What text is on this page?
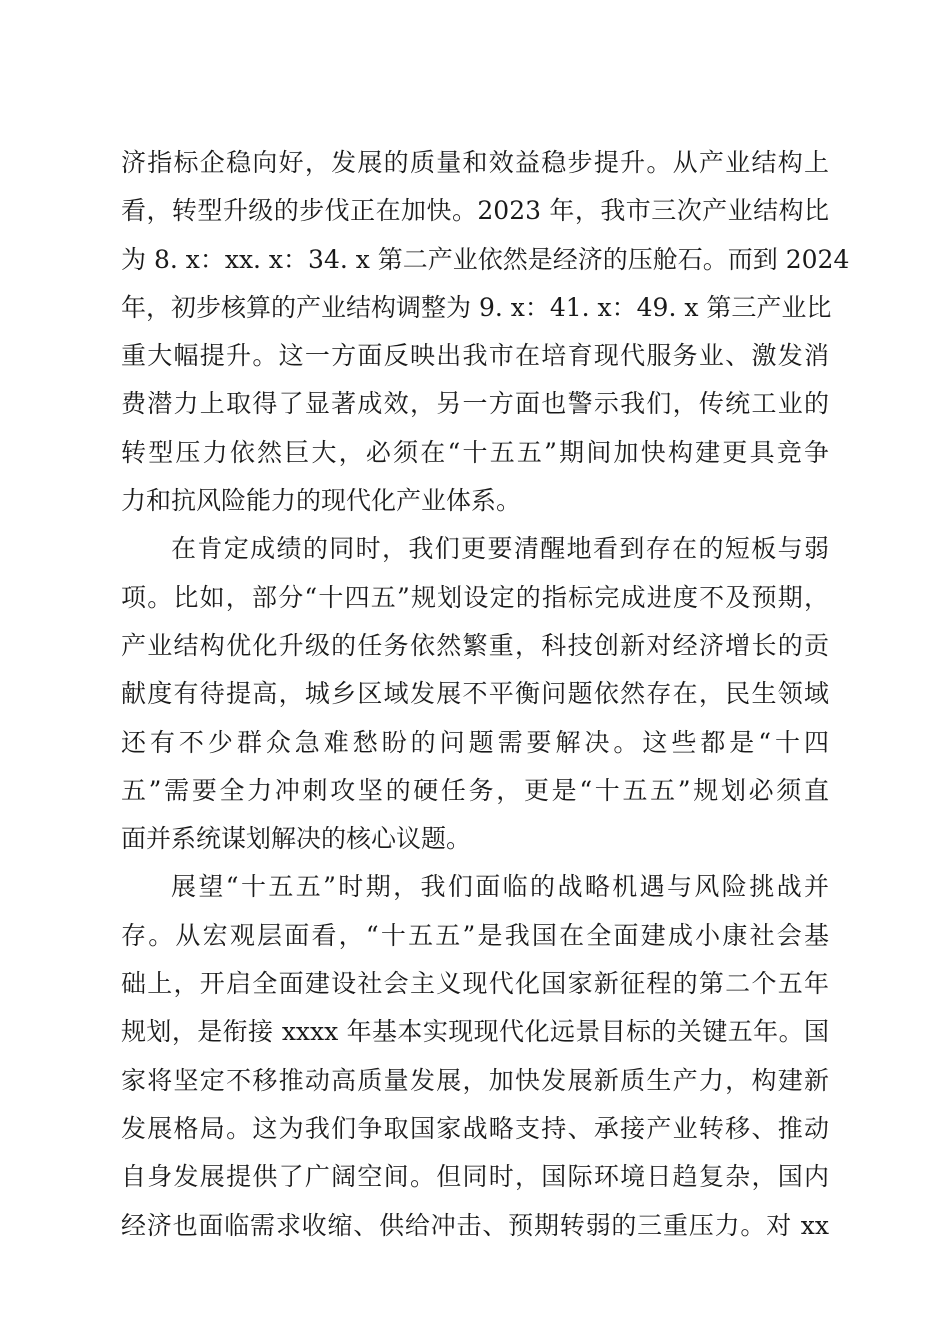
济指标企稳向好，发展的质量和效益稳步提升。从产业结构上
看，转型升级的步伐正在加快。2023 年，我市三次产业结构比
为 8. x：xx. x：34. x 第二产业依然是经济的压舱石。而到 2024
年，初步核算的产业结构调整为 9. x：41. x：49. x 第三产业比
重大幅提升。这一方面反映出我市在培育现代服务业、激发消
费潜力上取得了显著成效，另一方面也警示我们，传统工业的
转型压力依然巨大，必须在“十五五”期间加快构建更具竞争
力和抗风险能力的现代化产业体系。

在肯定成绩的同时，我们更要清醒地看到存在的短板与弱
项。比如，部分“十四五”规划设定的指标完成进度不及预期，
产业结构优化升级的任务依然繁重，科技创新对经济增长的贡
献度有待提高，城乡区域发展不平衡问题依然存在，民生领域
还有不少群众急难愁盼的问题需要解决。这些都是“十四
五”需要全力冲刺攻坚的硬任务，更是“十五五”规划必须直
面并系统谋划解决的核心议题。

展望“十五五”时期，我们面临的战略机遇与风险挑战并
存。从宏观层面看，“十五五”是我国在全面建成小康社会基
础上，开启全面建设社会主义现代化国家新征程的第二个五年
规划，是衔接 xxxx 年基本实现现代化远景目标的关键五年。国
家将坚定不移推动高质量发展，加快发展新质生产力，构建新
发展格局。这为我们争取国家战略支持、承接产业转移、推动
自身发展提供了广阔空间。但同时，国际环境日趋复杂，国内
经济也面临需求收缩、供给冲击、预期转弱的三重压力。对 xx
